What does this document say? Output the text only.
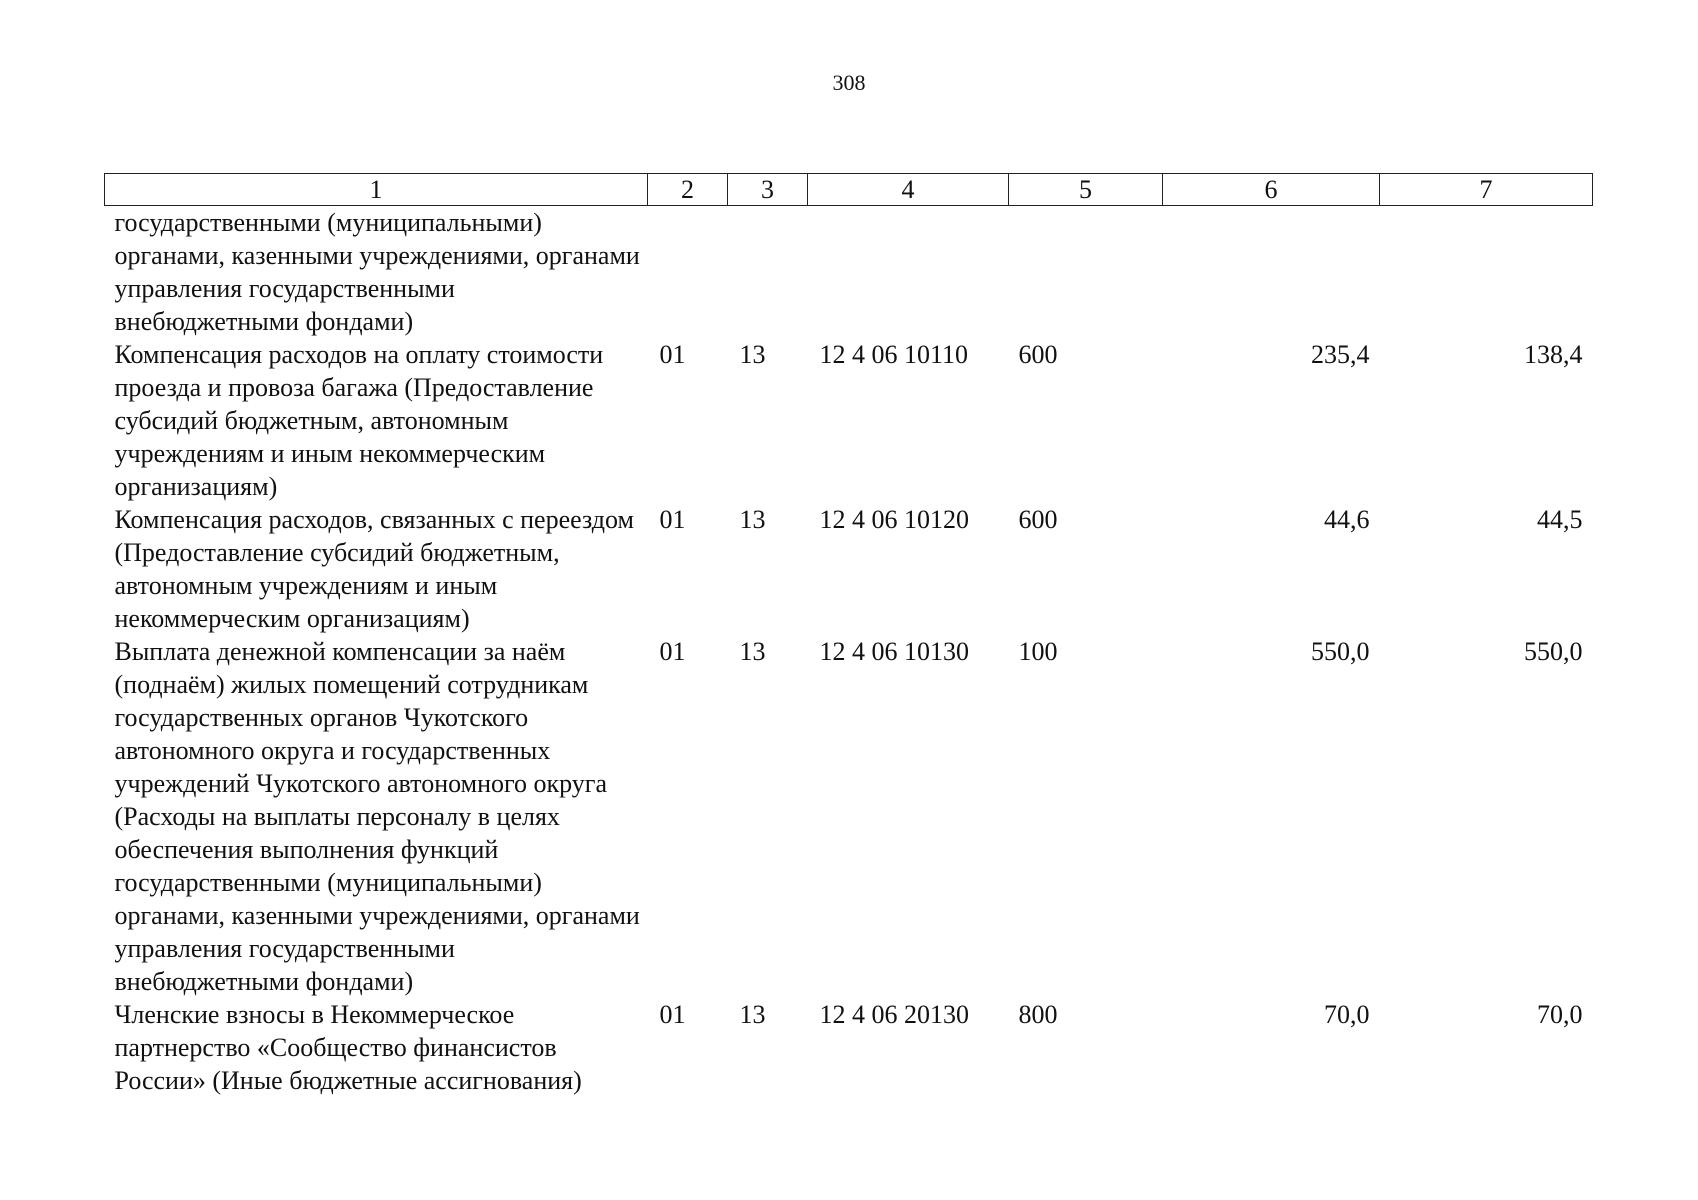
308
1	2	3	4	5	6	7
государственными (муниципальными) органами, казенными учреждениями, органами управления государственными внебюджетными фондами)						
Компенсация расходов на оплату стоимости проезда и провоза багажа (Предоставление субсидий бюджетным, автономным учреждениям и иным некоммерческим организациям)	01	13	12 4 06 10110	600	235,4	138,4
Компенсация расходов, связанных с переездом (Предоставление субсидий бюджетным, автономным учреждениям и иным некоммерческим организациям)	01	13	12 4 06 10120	600	44,6	44,5
Выплата денежной компенсации за наём (поднаём) жилых помещений сотрудникам государственных органов Чукотского автономного округа и государственных учреждений Чукотского автономного округа (Расходы на выплаты персоналу в целях обеспечения выполнения функций государственными (муниципальными) органами, казенными учреждениями, органами управления государственными внебюджетными фондами)	01	13	12 4 06 10130	100	550,0	550,0
Членские взносы в Некоммерческое партнерство «Сообщество финансистов России» (Иные бюджетные ассигнования)	01	13	12 4 06 20130	800	70,0	70,0
